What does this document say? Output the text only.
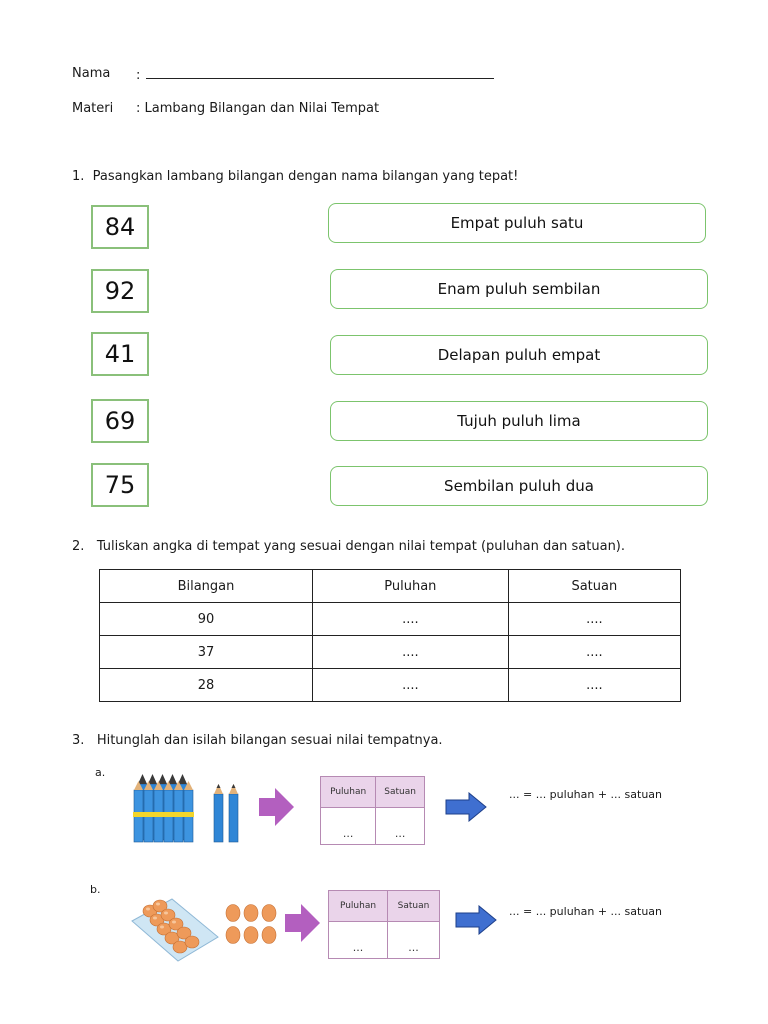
Nama :
Materi : Lambang Bilangan dan Nilai Tempat
1. Pasangkan lambang bilangan dengan nama bilangan yang tepat!
84
92
41
69
75
Empat puluh satu
Enam puluh sembilan
Delapan puluh empat
Tujuh puluh lima
Sembilan puluh dua
2. Tuliskan angka di tempat yang sesuai dengan nilai tempat (puluhan dan satuan).
Bilangan	Puluhan	Satuan
90	....	....
37	....	....
28	....	....
3. Hitunglah dan isilah bilangan sesuai nilai tempatnya.
a.
Puluhan	Satuan
...	...
... = ... puluhan + ... satuan
b.
Puluhan	Satuan
...	...
... = ... puluhan + ... satuan
